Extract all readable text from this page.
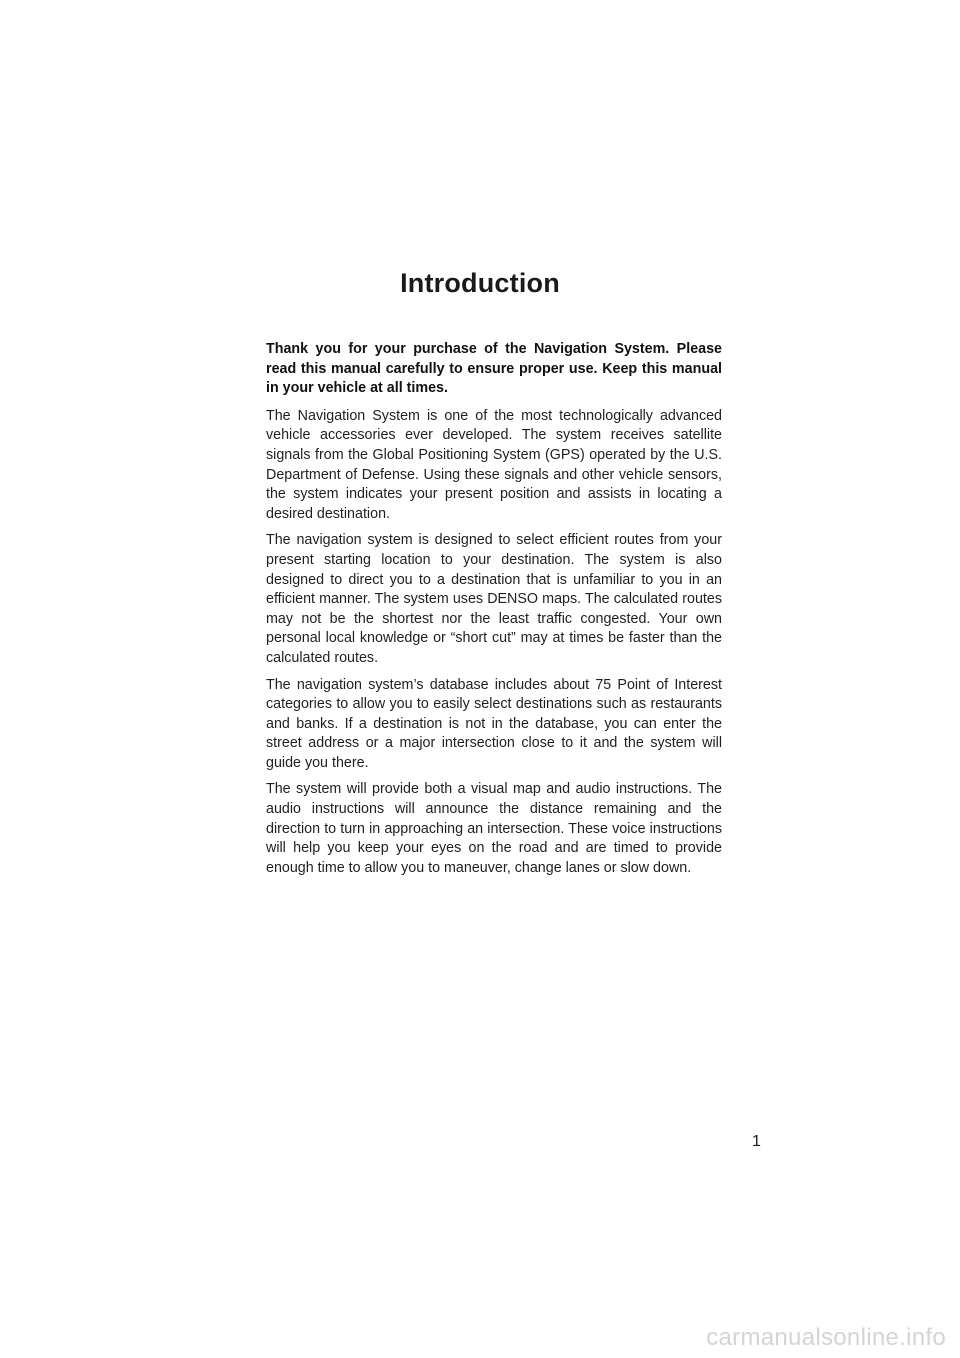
Introduction

Thank you for your purchase of the Navigation System. Please read this manual carefully to ensure proper use. Keep this manual in your vehicle at all times.

The Navigation System is one of the most technologically advanced vehicle accessories ever developed. The system receives satellite signals from the Global Positioning System (GPS) operated by the U.S. Department of Defense. Using these signals and other vehicle sensors, the system indicates your present position and assists in locating a desired destination.

The navigation system is designed to select efficient routes from your present starting location to your destination. The system is also designed to direct you to a destination that is unfamiliar to you in an efficient manner. The system uses DENSO maps. The calculated routes may not be the shortest nor the least traffic congested. Your own personal local knowledge or “short cut” may at times be faster than the calculated routes.

The navigation system’s database includes about 75 Point of Interest categories to allow you to easily select destinations such as restaurants and banks. If a destination is not in the database, you can enter the street address or a major intersection close to it and the system will guide you there.

The system will provide both a visual map and audio instructions. The audio instructions will announce the distance remaining and the direction to turn in approaching an intersection. These voice instructions will help you keep your eyes on the road and are timed to provide enough time to allow you to maneuver, change lanes or slow down.

1
carmanualsonline.info
